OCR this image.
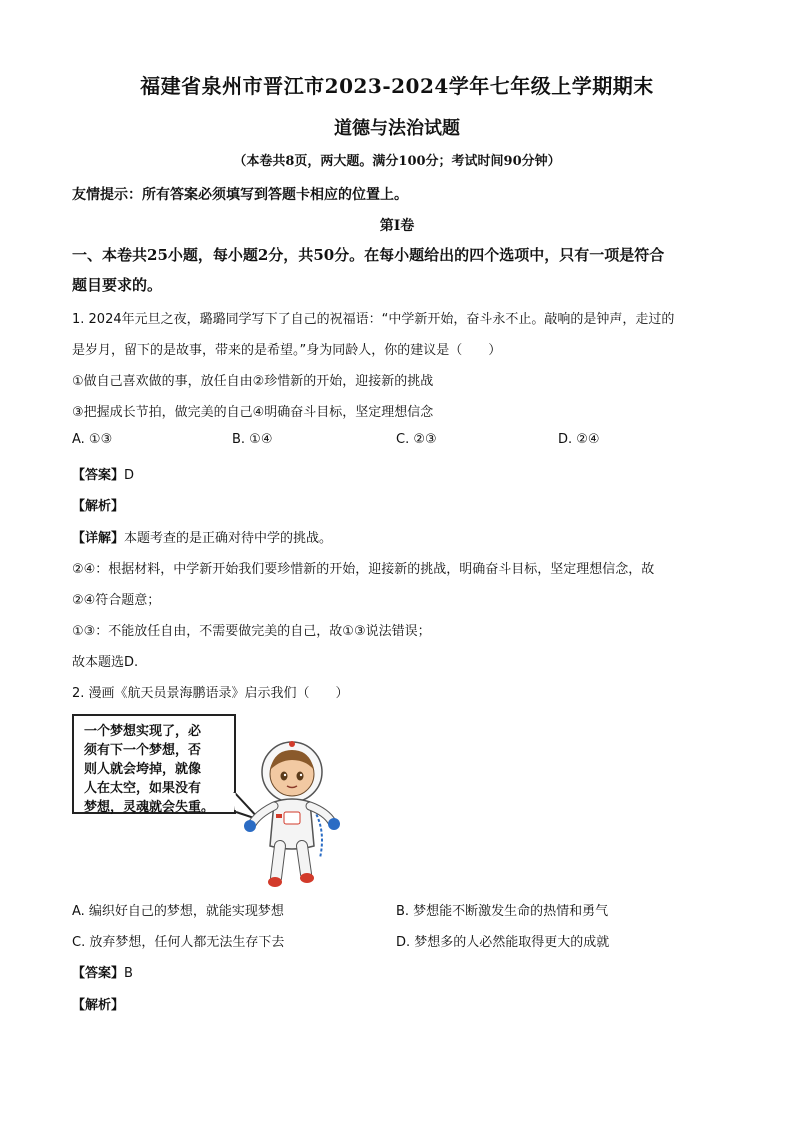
福建省泉州市晋江市2023-2024学年七年级上学期期末
道德与法治试题
（本卷共8页，两大题。满分100分；考试时间90分钟）
友情提示：所有答案必须填写到答题卡相应的位置上。
第Ⅰ卷
一、本卷共25小题，每小题2分，共50分。在每小题给出的四个选项中，只有一项是符合
题目要求的。
1. 2024年元旦之夜，璐璐同学写下了自己的祝福语：“中学新开始，奋斗永不止。敲响的是钟声，走过的
是岁月，留下的是故事，带来的是希望。”身为同龄人，你的建议是（　　）
①做自己喜欢做的事，放任自由②珍惜新的开始，迎接新的挑战
③把握成长节拍，做完美的自己④明确奋斗目标，坚定理想信念
A. ①③	B. ①④	C. ②③	D. ②④
【答案】D
【解析】
【详解】本题考查的是正确对待中学的挑战。
②④：根据材料，中学新开始我们要珍惜新的开始，迎接新的挑战，明确奋斗目标，坚定理想信念，故
②④符合题意；
①③：不能放任自由，不需要做完美的自己，故①③说法错误；
故本题选D.
2. 漫画《航天员景海鹏语录》启示我们（　　）
一个梦想实现了，必
须有下一个梦想，否
则人就会垮掉，就像
人在太空，如果没有
梦想，灵魂就会失重。
A. 编织好自己的梦想，就能实现梦想	B. 梦想能不断激发生命的热情和勇气
C. 放弃梦想，任何人都无法生存下去	D. 梦想多的人必然能取得更大的成就
【答案】B
【解析】
